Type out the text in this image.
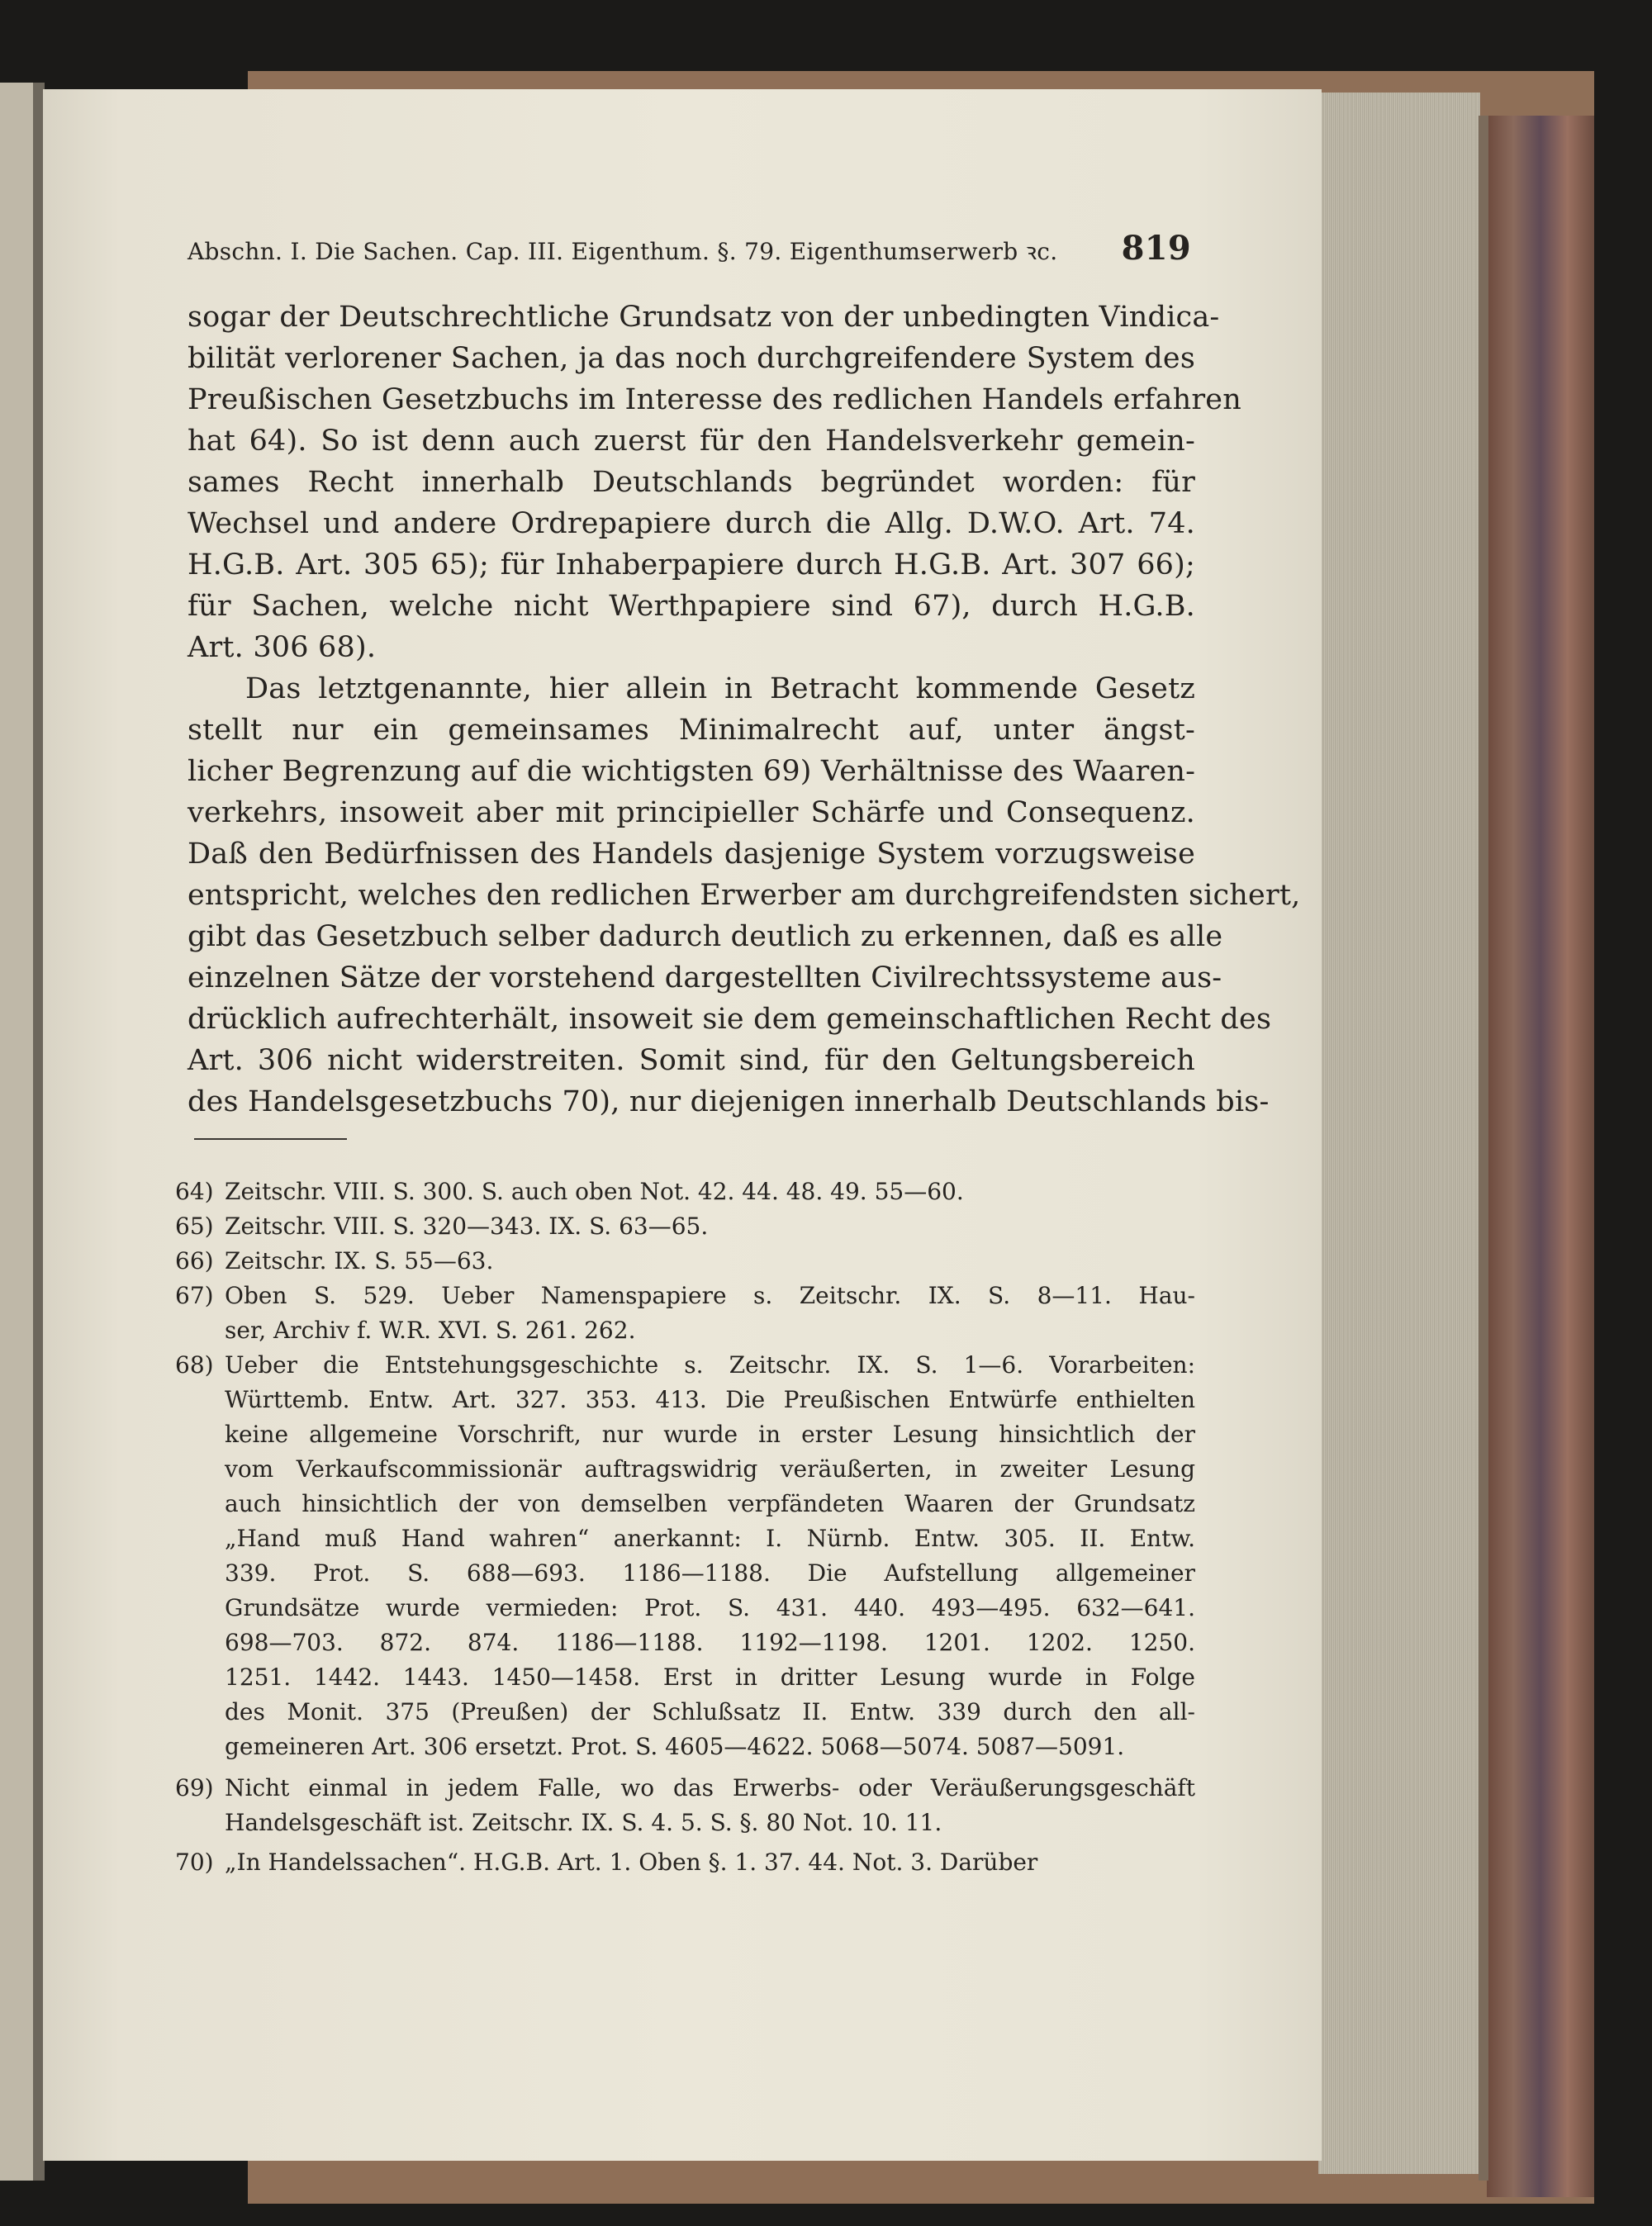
Abschn. I. Die Sachen. Cap. III. Eigenthum. §. 79. Eigenthumserwerb ꝛc. 819
sogar der Deutschrechtliche Grundsatz von der unbedingten Vindica-
bilität verlorener Sachen, ja das noch durchgreifendere System des
Preußischen Gesetzbuchs im Interesse des redlichen Handels erfahren
hat 64). So ist denn auch zuerst für den Handelsverkehr gemein-
sames Recht innerhalb Deutschlands begründet worden: für
Wechsel und andere Ordrepapiere durch die Allg. D.W.O. Art. 74.
H.G.B. Art. 305 65); für Inhaberpapiere durch H.G.B. Art. 307 66);
für Sachen, welche nicht Werthpapiere sind 67), durch H.G.B.
Art. 306 68).
Das letztgenannte, hier allein in Betracht kommende Gesetz
stellt nur ein gemeinsames Minimalrecht auf, unter ängst-
licher Begrenzung auf die wichtigsten 69) Verhältnisse des Waaren-
verkehrs, insoweit aber mit principieller Schärfe und Consequenz.
Daß den Bedürfnissen des Handels dasjenige System vorzugsweise
entspricht, welches den redlichen Erwerber am durchgreifendsten sichert,
gibt das Gesetzbuch selber dadurch deutlich zu erkennen, daß es alle
einzelnen Sätze der vorstehend dargestellten Civilrechtssysteme aus-
drücklich aufrechterhält, insoweit sie dem gemeinschaftlichen Recht des
Art. 306 nicht widerstreiten. Somit sind, für den Geltungsbereich
des Handelsgesetzbuchs 70), nur diejenigen innerhalb Deutschlands bis-
64) Zeitschr. VIII. S. 300. S. auch oben Not. 42. 44. 48. 49. 55—60.
65) Zeitschr. VIII. S. 320—343. IX. S. 63—65.
66) Zeitschr. IX. S. 55—63.
67) Oben S. 529. Ueber Namenspapiere s. Zeitschr. IX. S. 8—11. Hau-
ser, Archiv f. W.R. XVI. S. 261. 262.
68) Ueber die Entstehungsgeschichte s. Zeitschr. IX. S. 1—6. Vorarbeiten:
Württemb. Entw. Art. 327. 353. 413. Die Preußischen Entwürfe enthielten
keine allgemeine Vorschrift, nur wurde in erster Lesung hinsichtlich der
vom Verkaufscommissionär auftragswidrig veräußerten, in zweiter Lesung
auch hinsichtlich der von demselben verpfändeten Waaren der Grundsatz
„Hand muß Hand wahren“ anerkannt: I. Nürnb. Entw. 305. II. Entw.
339. Prot. S. 688—693. 1186—1188. Die Aufstellung allgemeiner
Grundsätze wurde vermieden: Prot. S. 431. 440. 493—495. 632—641.
698—703. 872. 874. 1186—1188. 1192—1198. 1201. 1202. 1250.
1251. 1442. 1443. 1450—1458. Erst in dritter Lesung wurde in Folge
des Monit. 375 (Preußen) der Schlußsatz II. Entw. 339 durch den all-
gemeineren Art. 306 ersetzt. Prot. S. 4605—4622. 5068—5074. 5087—5091.
69) Nicht einmal in jedem Falle, wo das Erwerbs- oder Veräußerungsgeschäft
Handelsgeschäft ist. Zeitschr. IX. S. 4. 5. S. §. 80 Not. 10. 11.
70) „In Handelssachen“. H.G.B. Art. 1. Oben §. 1. 37. 44. Not. 3. Darüber
